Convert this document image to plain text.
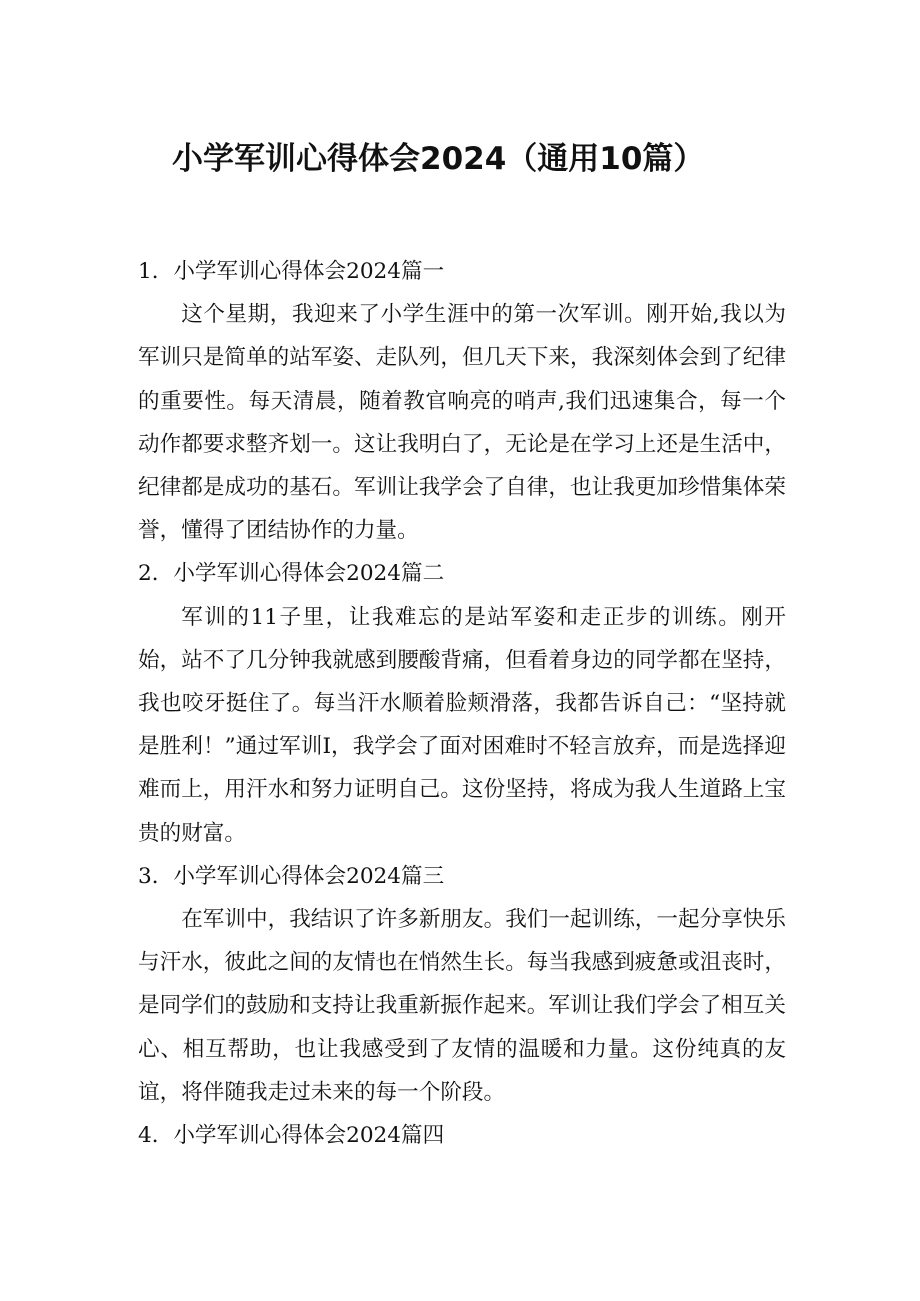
小学军训心得体会2024（通用10篇）

1．小学军训心得体会2024篇一

这个星期，我迎来了小学生涯中的第一次军训。刚开始,我以为军训只是简单的站军姿、走队列，但几天下来，我深刻体会到了纪律的重要性。每天清晨，随着教官响亮的哨声,我们迅速集合，每一个动作都要求整齐划一。这让我明白了，无论是在学习上还是生活中，纪律都是成功的基石。军训让我学会了自律，也让我更加珍惜集体荣誉，懂得了团结协作的力量。

2．小学军训心得体会2024篇二

军训的11子里，让我难忘的是站军姿和走正步的训练。刚开始，站不了几分钟我就感到腰酸背痛，但看着身边的同学都在坚持，我也咬牙挺住了。每当汗水顺着脸颊滑落，我都告诉自己：“坚持就是胜利！”通过军训I，我学会了面对困难时不轻言放弃，而是选择迎难而上，用汗水和努力证明自己。这份坚持，将成为我人生道路上宝贵的财富。

3．小学军训心得体会2024篇三

在军训中，我结识了许多新朋友。我们一起训练，一起分享快乐与汗水，彼此之间的友情也在悄然生长。每当我感到疲惫或沮丧时，是同学们的鼓励和支持让我重新振作起来。军训让我们学会了相互关心、相互帮助，也让我感受到了友情的温暖和力量。这份纯真的友谊，将伴随我走过未来的每一个阶段。

4．小学军训心得体会2024篇四
